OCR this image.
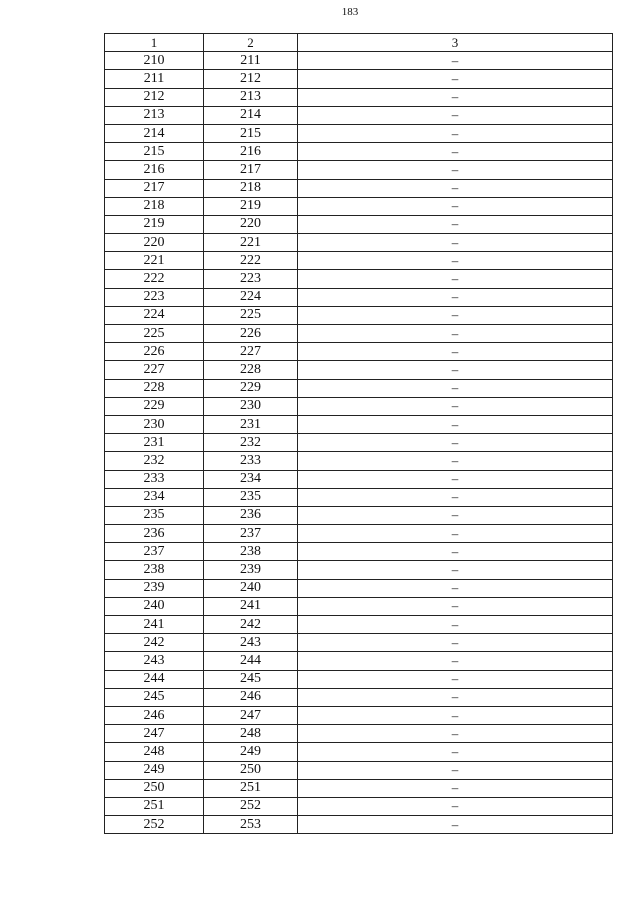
183
1	2	3
210	211	–
211	212	–
212	213	–
213	214	–
214	215	–
215	216	–
216	217	–
217	218	–
218	219	–
219	220	–
220	221	–
221	222	–
222	223	–
223	224	–
224	225	–
225	226	–
226	227	–
227	228	–
228	229	–
229	230	–
230	231	–
231	232	–
232	233	–
233	234	–
234	235	–
235	236	–
236	237	–
237	238	–
238	239	–
239	240	–
240	241	–
241	242	–
242	243	–
243	244	–
244	245	–
245	246	–
246	247	–
247	248	–
248	249	–
249	250	–
250	251	–
251	252	–
252	253	–
